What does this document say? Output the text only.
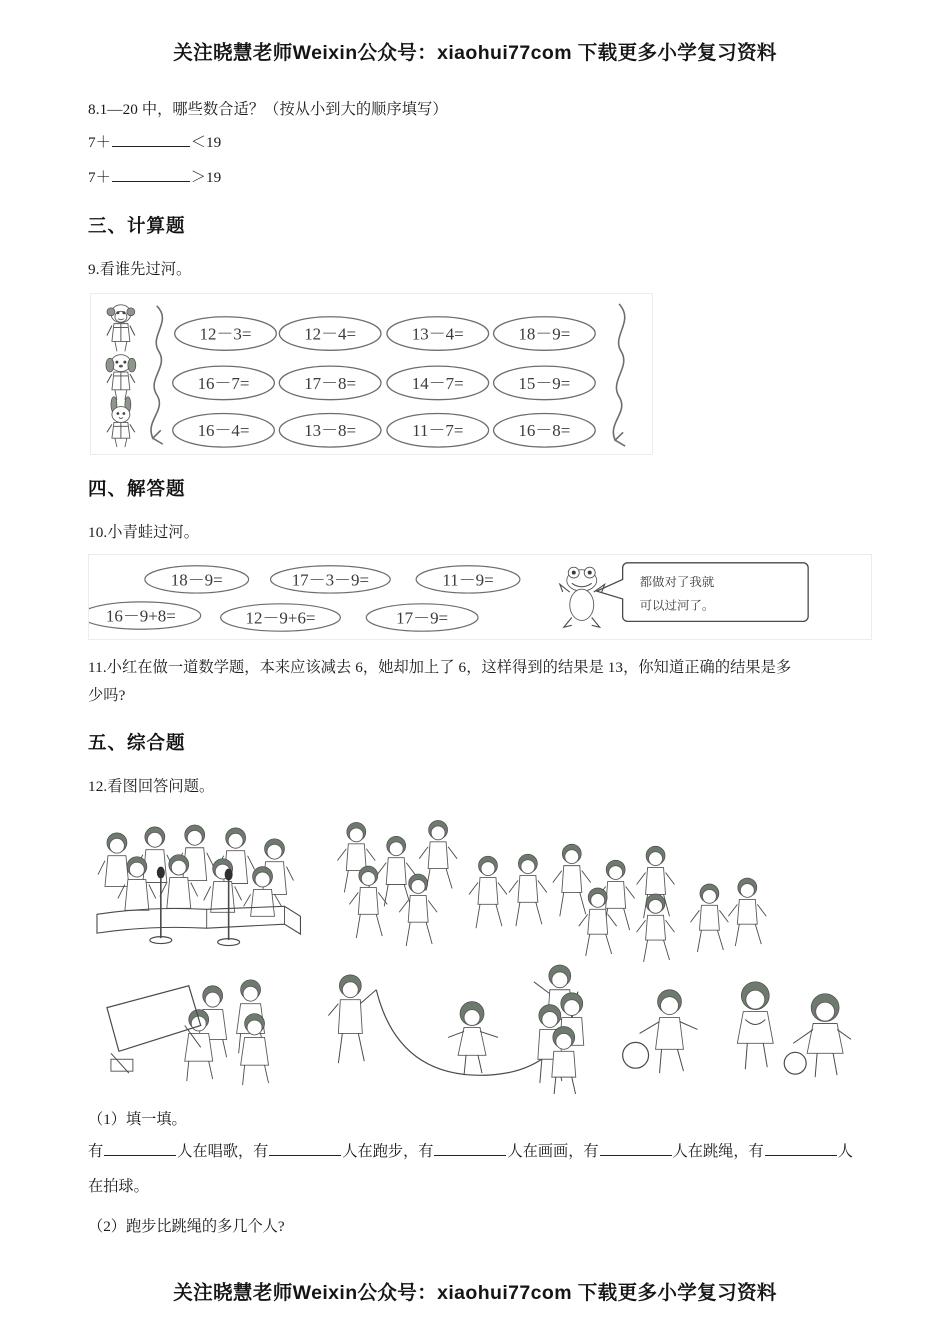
关注晓慧老师Weixin公众号：xiaohui77com 下载更多小学复习资料

8.1—20 中，哪些数合适？（按从小到大的顺序填写）

7＋	＜19

7＋	＞19

三、计算题

9.看谁先过河。

12－3=	12－4=	13－4=	18－9=
16－7=	17－8=	14－7=	15－9=
16－4=	13－8=	11－7=	16－8=
四、解答题

10.小青蛙过河。

18－9=	17－3－9=	11－9=
16－9+8=	12－9+6=	17－9=
都做对了我就
可以过河了。

11.小红在做一道数学题，本来应该减去 6，她却加上了 6，这样得到的结果是 13，你知道正确的结果是多

少吗?

五、综合题

12.看图回答问题。

（1）填一填。

有	人在唱歌，有	人在跑步，有	人在画画，有	人在跳绳，有	人

在拍球。

（2）跑步比跳绳的多几个人?

关注晓慧老师Weixin公众号：xiaohui77com 下载更多小学复习资料
